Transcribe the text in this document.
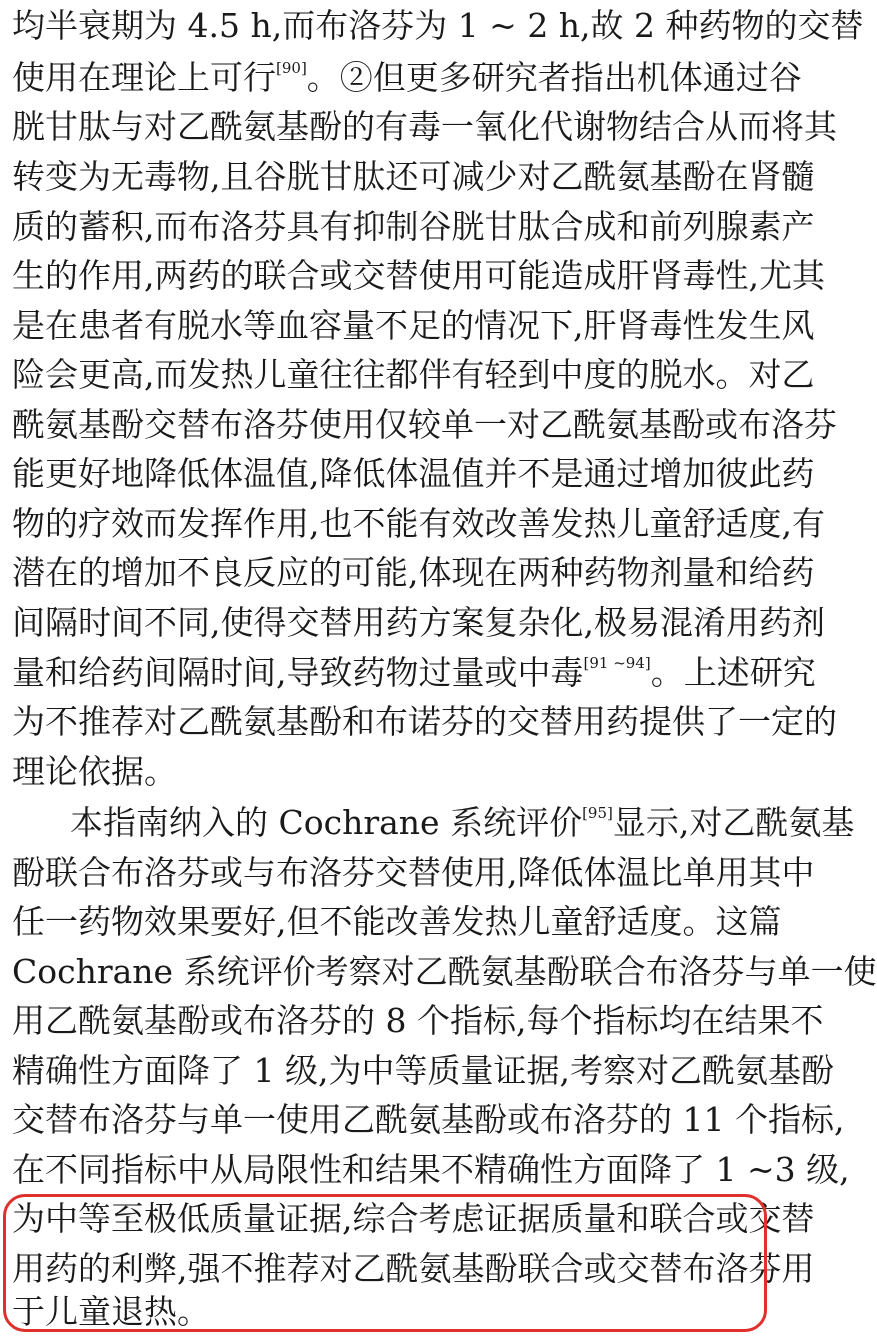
均半衰期为 4.5 h,而布洛芬为 1 ~ 2 h,故 2 种药物的交替
使用在理论上可行[90]。②但更多研究者指出机体通过谷
胱甘肽与对乙酰氨基酚的有毒一氧化代谢物结合从而将其
转变为无毒物,且谷胱甘肽还可减少对乙酰氨基酚在肾髓
质的蓄积,而布洛芬具有抑制谷胱甘肽合成和前列腺素产
生的作用,两药的联合或交替使用可能造成肝肾毒性,尤其
是在患者有脱水等血容量不足的情况下,肝肾毒性发生风
险会更高,而发热儿童往往都伴有轻到中度的脱水。对乙
酰氨基酚交替布洛芬使用仅较单一对乙酰氨基酚或布洛芬
能更好地降低体温值,降低体温值并不是通过增加彼此药
物的疗效而发挥作用,也不能有效改善发热儿童舒适度,有
潜在的增加不良反应的可能,体现在两种药物剂量和给药
间隔时间不同,使得交替用药方案复杂化,极易混淆用药剂
量和给药间隔时间,导致药物过量或中毒[91 ~94]。上述研究
为不推荐对乙酰氨基酚和布诺芬的交替用药提供了一定的
理论依据。
本指南纳入的 Cochrane 系统评价[95]显示,对乙酰氨基
酚联合布洛芬或与布洛芬交替使用,降低体温比单用其中
任一药物效果要好,但不能改善发热儿童舒适度。这篇
Cochrane 系统评价考察对乙酰氨基酚联合布洛芬与单一使
用乙酰氨基酚或布洛芬的 8 个指标,每个指标均在结果不
精确性方面降了 1 级,为中等质量证据,考察对乙酰氨基酚
交替布洛芬与单一使用乙酰氨基酚或布洛芬的 11 个指标,
在不同指标中从局限性和结果不精确性方面降了 1 ~3 级,
为中等至极低质量证据,综合考虑证据质量和联合或交替
用药的利弊,强不推荐对乙酰氨基酚联合或交替布洛芬用
于儿童退热。
